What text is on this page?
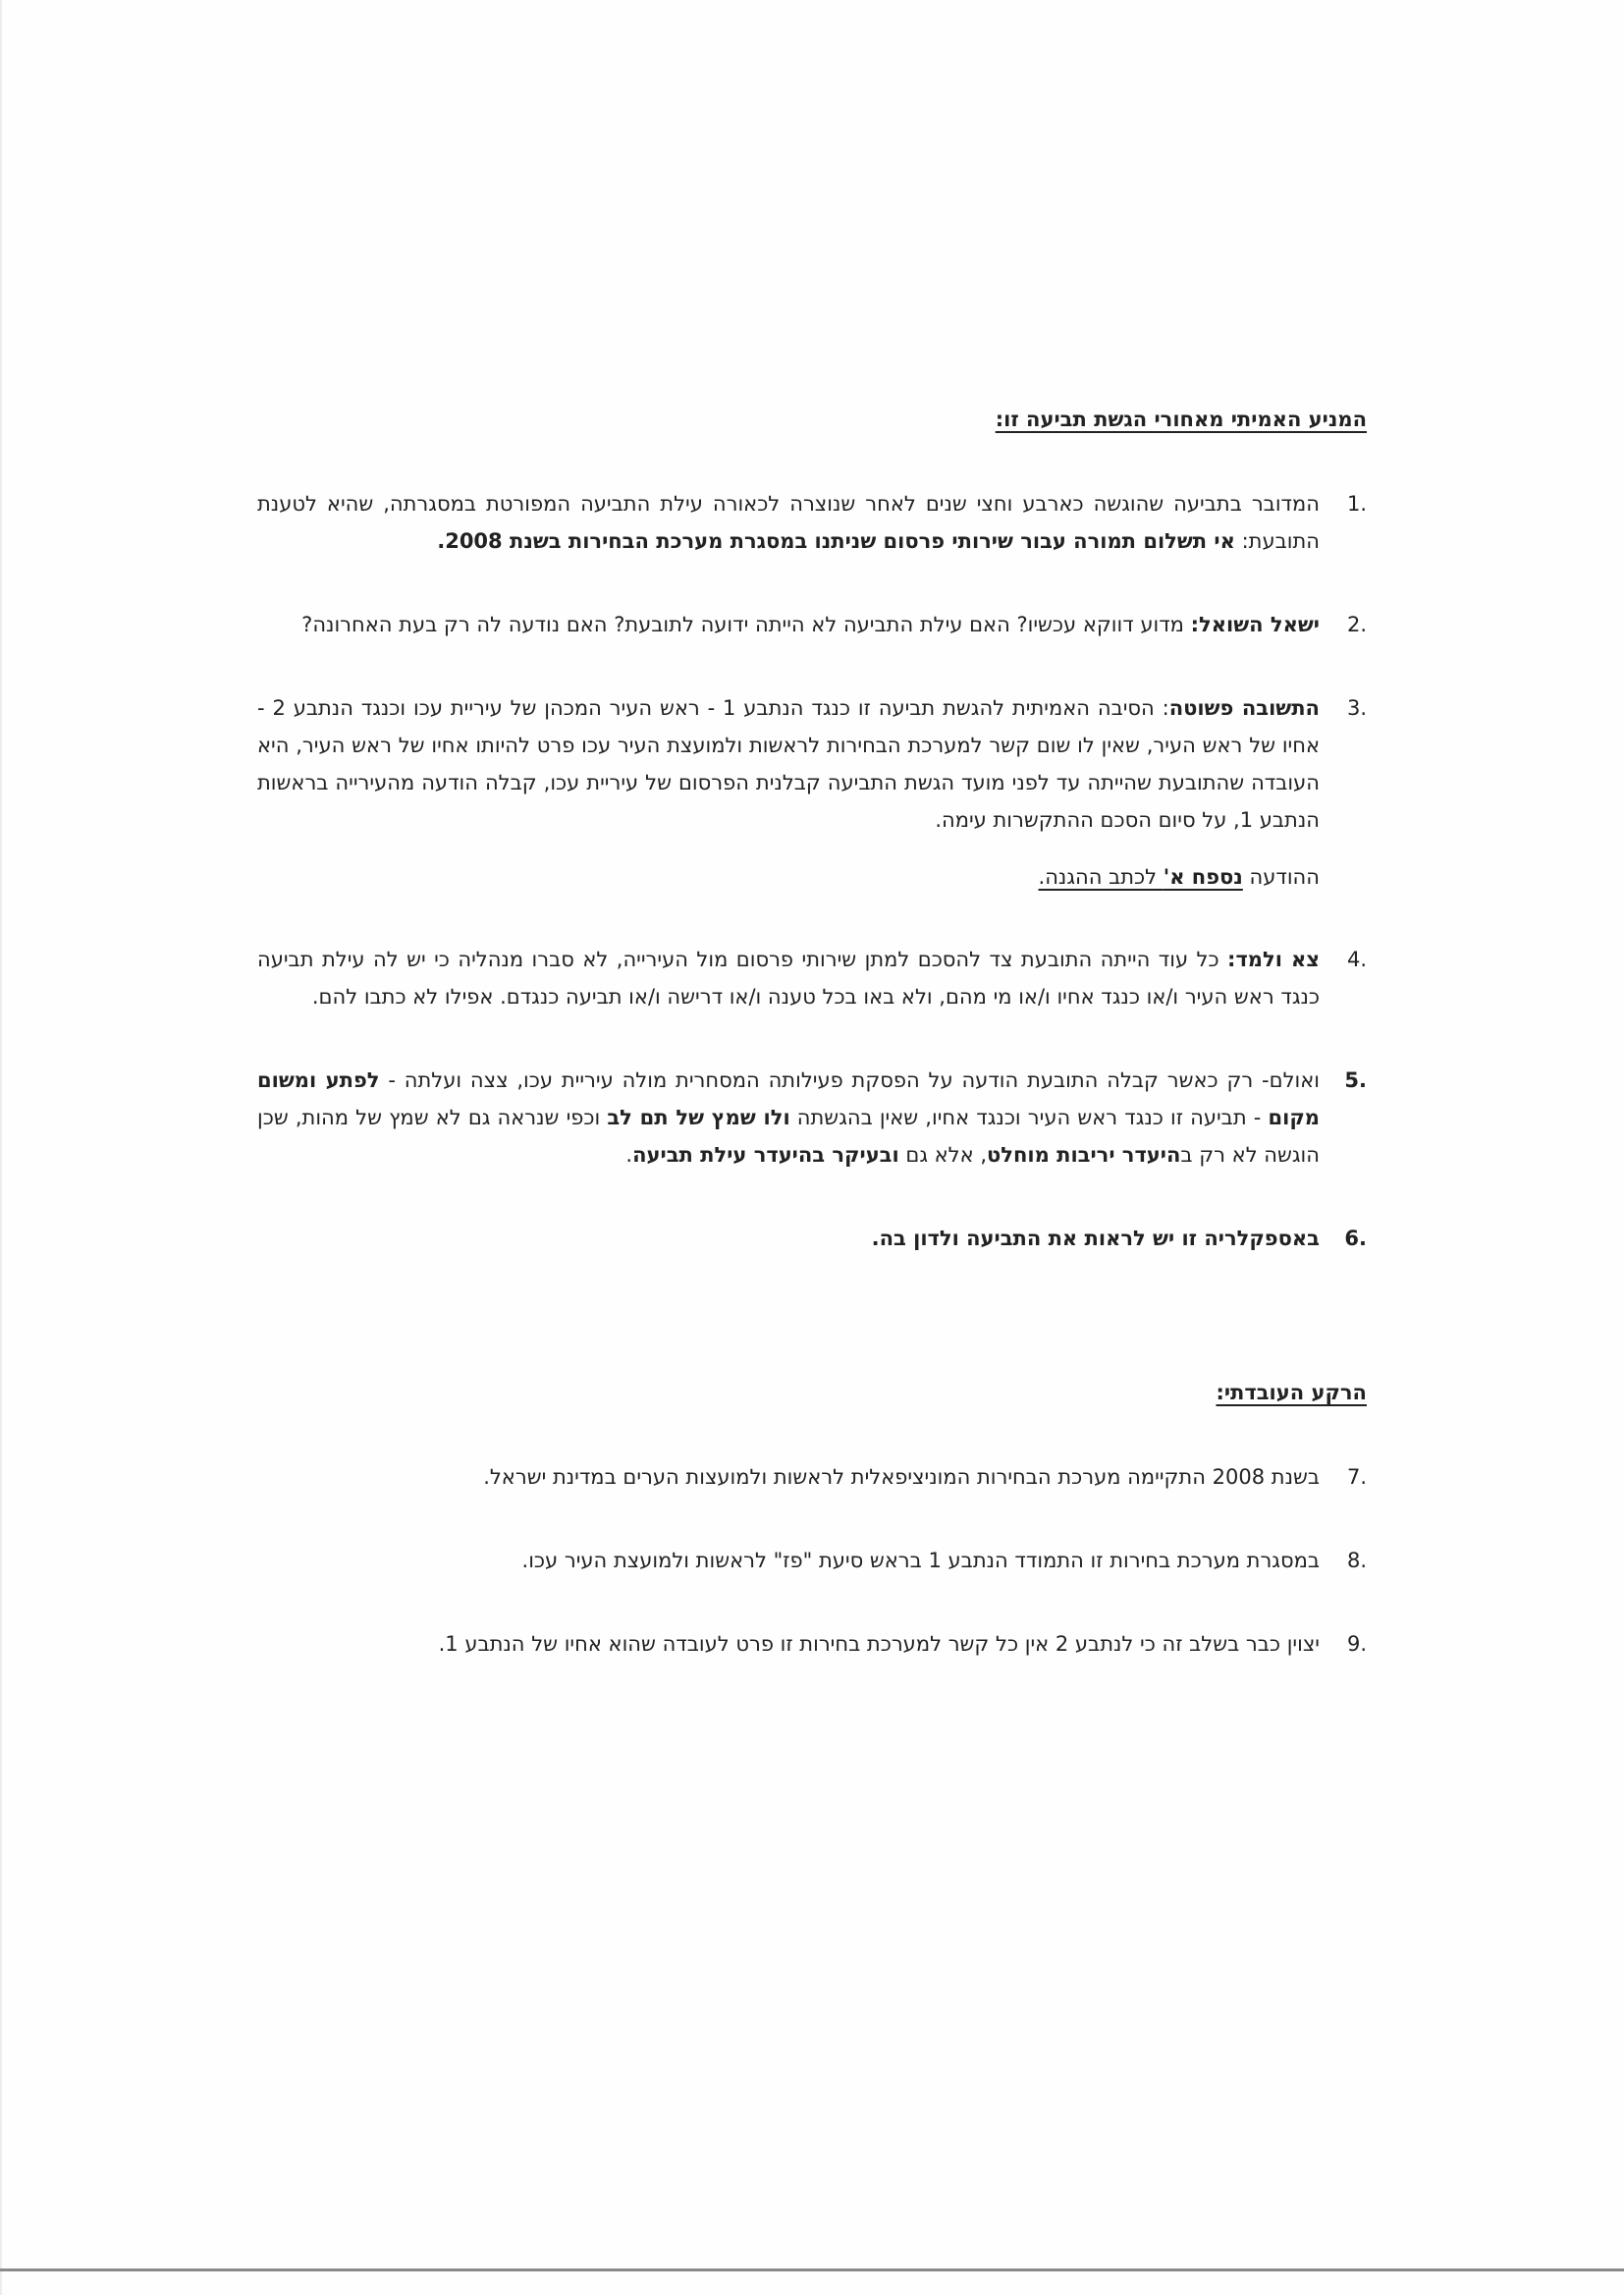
המניע האמיתי מאחורי הגשת תביעה זו:
.1
המדובר בתביעה שהוגשה כארבע וחצי שנים לאחר שנוצרה לכאורה עילת התביעה המפורטת במסגרתה, שהיא לטענת התובעת: אי תשלום תמורה עבור שירותי פרסום שניתנו במסגרת מערכת הבחירות בשנת 2008.
.2
ישאל השואל: מדוע דווקא עכשיו? האם עילת התביעה לא הייתה ידועה לתובעת? האם נודעה לה רק בעת האחרונה?
.3
התשובה פשוטה: הסיבה האמיתית להגשת תביעה זו כנגד הנתבע 1 - ראש העיר המכהן של עיריית עכו וכנגד הנתבע 2 - אחיו של ראש העיר, שאין לו שום קשר למערכת הבחירות לראשות ולמועצת העיר עכו פרט להיותו אחיו של ראש העיר, היא העובדה שהתובעת שהייתה עד לפני מועד הגשת התביעה קבלנית הפרסום של עיריית עכו, קבלה הודעה מהעירייה בראשות הנתבע 1, על סיום הסכם ההתקשרות עימה.
ההודעה נספח א' לכתב ההגנה.
.4
צא ולמד: כל עוד הייתה התובעת צד להסכם למתן שירותי פרסום מול העירייה, לא סברו מנהליה כי יש לה עילת תביעה כנגד ראש העיר ו/או כנגד אחיו ו/או מי מהם, ולא באו בכל טענה ו/או דרישה ו/או תביעה כנגדם. אפילו לא כתבו להם.
.5
ואולם- רק כאשר קבלה התובעת הודעה על הפסקת פעילותה המסחרית מולה עיריית עכו, צצה ועלתה - לפתע ומשום מקום - תביעה זו כנגד ראש העיר וכנגד אחיו, שאין בהגשתה ולו שמץ של תם לב וכפי שנראה גם לא שמץ של מהות, שכן הוגשה לא רק בהיעדר יריבות מוחלט, אלא גם ובעיקר בהיעדר עילת תביעה.
.6
באספקלריה זו יש לראות את התביעה ולדון בה.
הרקע העובדתי:
.7
בשנת 2008 התקיימה מערכת הבחירות המוניציפאלית לראשות ולמועצות הערים במדינת ישראל.
.8
במסגרת מערכת בחירות זו התמודד הנתבע 1 בראש סיעת "פז" לראשות ולמועצת העיר עכו.
.9
יצוין כבר בשלב זה כי לנתבע 2 אין כל קשר למערכת בחירות זו פרט לעובדה שהוא אחיו של הנתבע 1.
